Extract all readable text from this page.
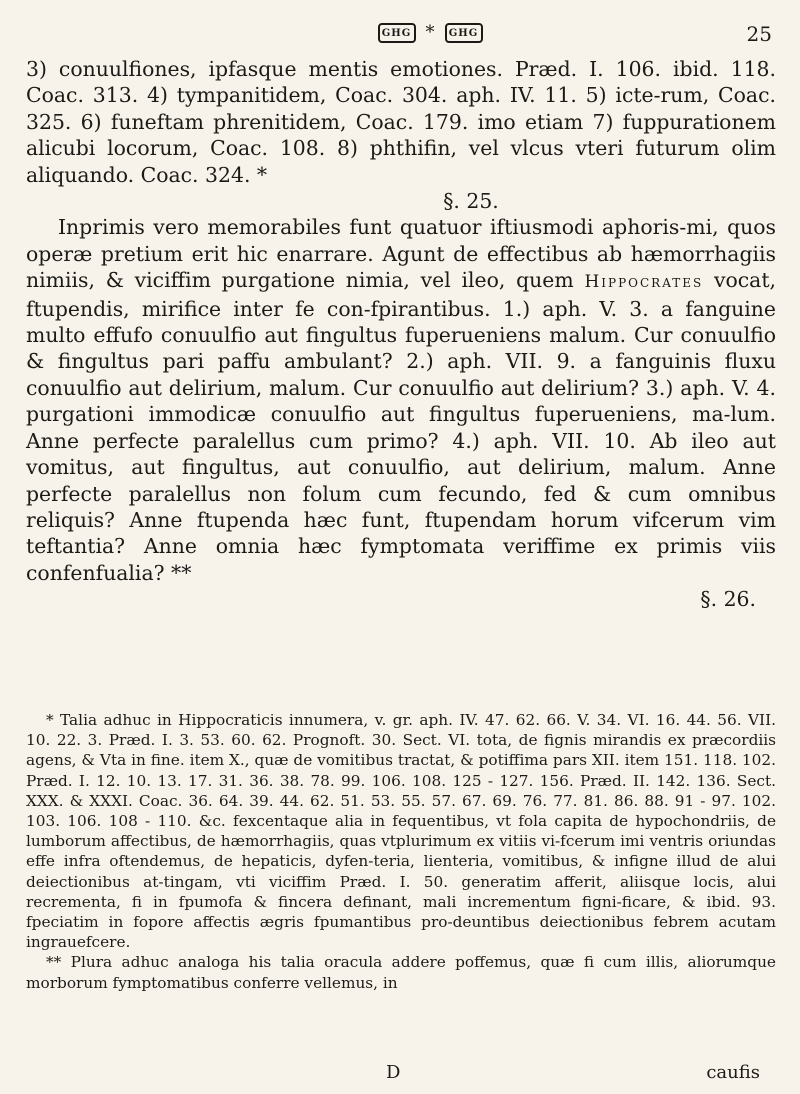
GHG *	GHG	25

3) conuulfiones, ipfasque mentis emotiones. Præd. I. 106. ibid. 118. Coac. 313. 4) tympanitidem, Coac. 304. aph. IV. 11. 5) ictе-rum, Coac. 325. 6) funeftam phrenitidem, Coac. 179. imo etiam 7) fuppurationem alicubi locorum, Coac. 108. 8) phthifin, vel vlcus vteri futurum olim aliquando. Coac. 324. *

§. 25.

Inprimis vero memorabiles funt quatuor iftiusmodi aphoris-mi, quos operæ pretium erit hic enarrare. Agunt de effectibus ab hæmorrhagiis nimiis, & viciffim purgatione nimia, vel ileo, quem Hippocrates vocat, ftupendis, mirifice inter fe con-fpirantibus. 1.) aph. V. 3. a fanguine multo effufo conuulfio aut fingultus fuperueniens malum. Cur conuulfio & fingultus pari paffu ambulant? 2.) aph. VII. 9. a fanguinis fluxu conuulfio aut delirium, malum. Cur conuulfio aut delirium? 3.) aph. V. 4. purgationi immodicæ conuulfio aut fingultus fuperueniens, ma-lum. Anne perfecte paralellus cum primo? 4.) aph. VII. 10. Ab ileo aut vomitus, aut fingultus, aut conuulfio, aut delirium, malum. Anne perfecte paralellus non folum cum fecundo, fed & cum omnibus reliquis? Anne ftupenda hæc funt, ftupendam horum vifcerum vim teftantia? Anne omnia hæc fymptomata veriffime ex primis viis confenfualia? **

§. 26.

* Talia adhuc in Hippocraticis innumera, v. gr. aph. IV. 47. 62. 66. V. 34. VI. 16. 44. 56. VII. 10. 22. 3. Præd. I. 3. 53. 60. 62. Prognoft. 30. Sect. VI. tota, de fignis mirandis ex præcordiis agens, & Vta in fine. item X., quæ de vomitibus tractat, & potiffima pars XII. item 151. 118. 102. Præd. I. 12. 10. 13. 17. 31. 36. 38. 78. 99. 106. 108. 125 - 127. 156. Præd. II. 142. 136. Sect. XXX. & XXXI. Coac. 36. 64. 39. 44. 62. 51. 53. 55. 57. 67. 69. 76. 77. 81. 86. 88. 91 - 97. 102. 103. 106. 108 - 110. &c. fexcentaque alia in fequentibus, vt fola capita de hypochondriis, de lumborum affectibus, de hæmorrhagiis, quas vtplurimum ex vitiis vi-fcerum imi ventris oriundas effe infra oftendemus, de hepaticis, dyfen-teria, lienteria, vomitibus, & infigne illud de alui deiectionibus at-tingam, vti viciffim Præd. I. 50. generatim afferit, aliisque locis, alui recrementa, fi in fpumofa & fincera definant, mali incrementum figni-ficare, & ibid. 93. fpeciatim in fopore affectis ægris fpumantibus pro-deuntibus deiectionibus febrem acutam ingrauefcere.

** Plura adhuc analoga his talia oracula addere poffemus, quæ fi cum illis, aliorumque morborum fymptomatibus conferre vellemus, in

D	caufis
